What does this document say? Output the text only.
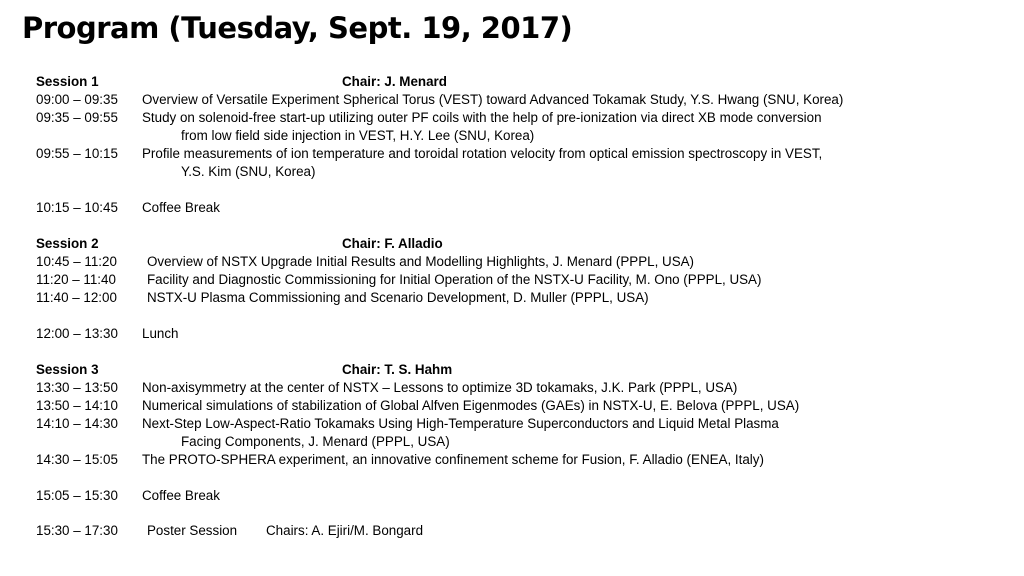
Program (Tuesday, Sept. 19, 2017)
Session 1	Chair: J. Menard
09:00 – 09:35 Overview of Versatile Experiment Spherical Torus (VEST) toward Advanced Tokamak Study, Y.S. Hwang (SNU, Korea)
09:35 – 09:55 Study on solenoid-free start-up utilizing outer PF coils with the help of pre-ionization via direct XB mode conversion
from low field side injection in VEST, H.Y. Lee (SNU, Korea)
09:55 – 10:15 Profile measurements of ion temperature and toroidal rotation velocity from optical emission spectroscopy in VEST,
Y.S. Kim (SNU, Korea)
10:15 – 10:45 Coffee Break
Session 2	Chair: F. Alladio
10:45 – 11:20 Overview of NSTX Upgrade Initial Results and Modelling Highlights, J. Menard (PPPL, USA)
11:20 – 11:40 Facility and Diagnostic Commissioning for Initial Operation of the NSTX-U Facility, M. Ono (PPPL, USA)
11:40 – 12:00 NSTX-U Plasma Commissioning and Scenario Development, D. Muller (PPPL, USA)
12:00 – 13:30 Lunch
Session 3	Chair: T. S. Hahm
13:30 – 13:50 Non-axisymmetry at the center of NSTX – Lessons to optimize 3D tokamaks, J.K. Park (PPPL, USA)
13:50 – 14:10 Numerical simulations of stabilization of Global Alfven Eigenmodes (GAEs) in NSTX-U, E. Belova (PPPL, USA)
14:10 – 14:30 Next-Step Low-Aspect-Ratio Tokamaks Using High-Temperature Superconductors and Liquid Metal Plasma
Facing Components, J. Menard (PPPL, USA)
14:30 – 15:05 The PROTO-SPHERA experiment, an innovative confinement scheme for Fusion, F. Alladio (ENEA, Italy)
15:05 – 15:30 Coffee Break
15:30 – 17:30 Poster Session Chairs: A. Ejiri/M. Bongard
